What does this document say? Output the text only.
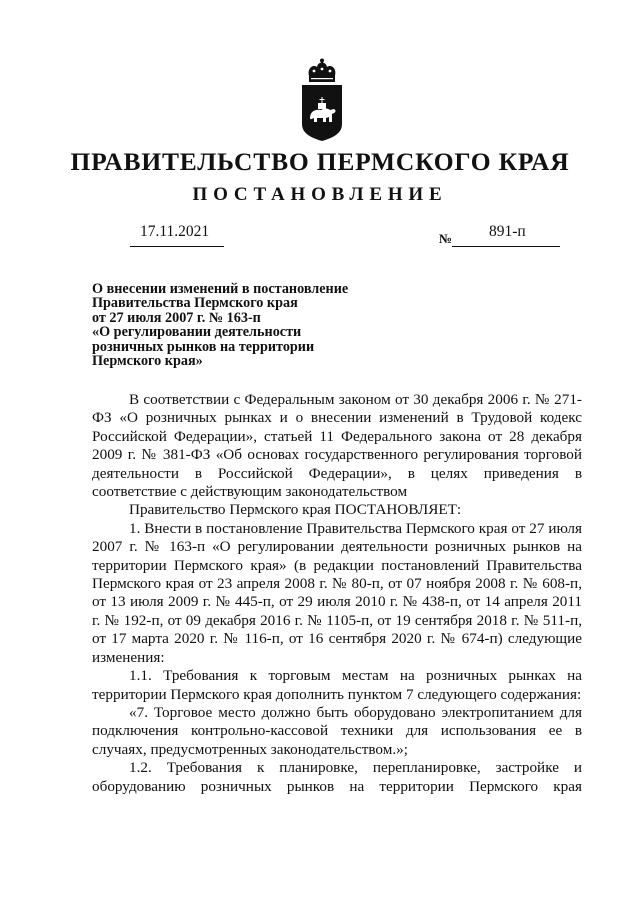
ПРАВИТЕЛЬСТВО ПЕРМСКОГО КРАЯ
ПОСТАНОВЛЕНИЕ
17.11.2021	№ 891-п
О внесении изменений в постановление
Правительства Пермского края
от 27 июля 2007 г. № 163-п
«О регулировании деятельности
розничных рынков на территории
Пермского края»

В соответствии с Федеральным законом от 30 декабря 2006 г. № 271-ФЗ «О розничных рынках и о внесении изменений в Трудовой кодекс Российской Федерации», статьей 11 Федерального закона от 28 декабря 2009 г. № 381-ФЗ «Об основах государственного регулирования торговой деятельности в Российской Федерации», в целях приведения в соответствие с действующим законодательством

Правительство Пермского края ПОСТАНОВЛЯЕТ:

1. Внести в постановление Правительства Пермского края от 27 июля 2007 г. № 163-п «О регулировании деятельности розничных рынков на территории Пермского края» (в редакции постановлений Правительства Пермского края от 23 апреля 2008 г. № 80-п, от 07 ноября 2008 г. № 608-п, от 13 июля 2009 г. № 445-п, от 29 июля 2010 г. № 438-п, от 14 апреля 2011 г. № 192-п, от 09 декабря 2016 г. № 1105-п, от 19 сентября 2018 г. № 511-п, от 17 марта 2020 г. № 116-п, от 16 сентября 2020 г. № 674-п) следующие изменения:

1.1. Требования к торговым местам на розничных рынках на территории Пермского края дополнить пунктом 7 следующего содержания:

«7. Торговое место должно быть оборудовано электропитанием для подключения контрольно-кассовой техники для использования ее в случаях, предусмотренных законодательством.»;

1.2. Требования к планировке, перепланировке, застройке и оборудованию розничных рынков на территории Пермского края
